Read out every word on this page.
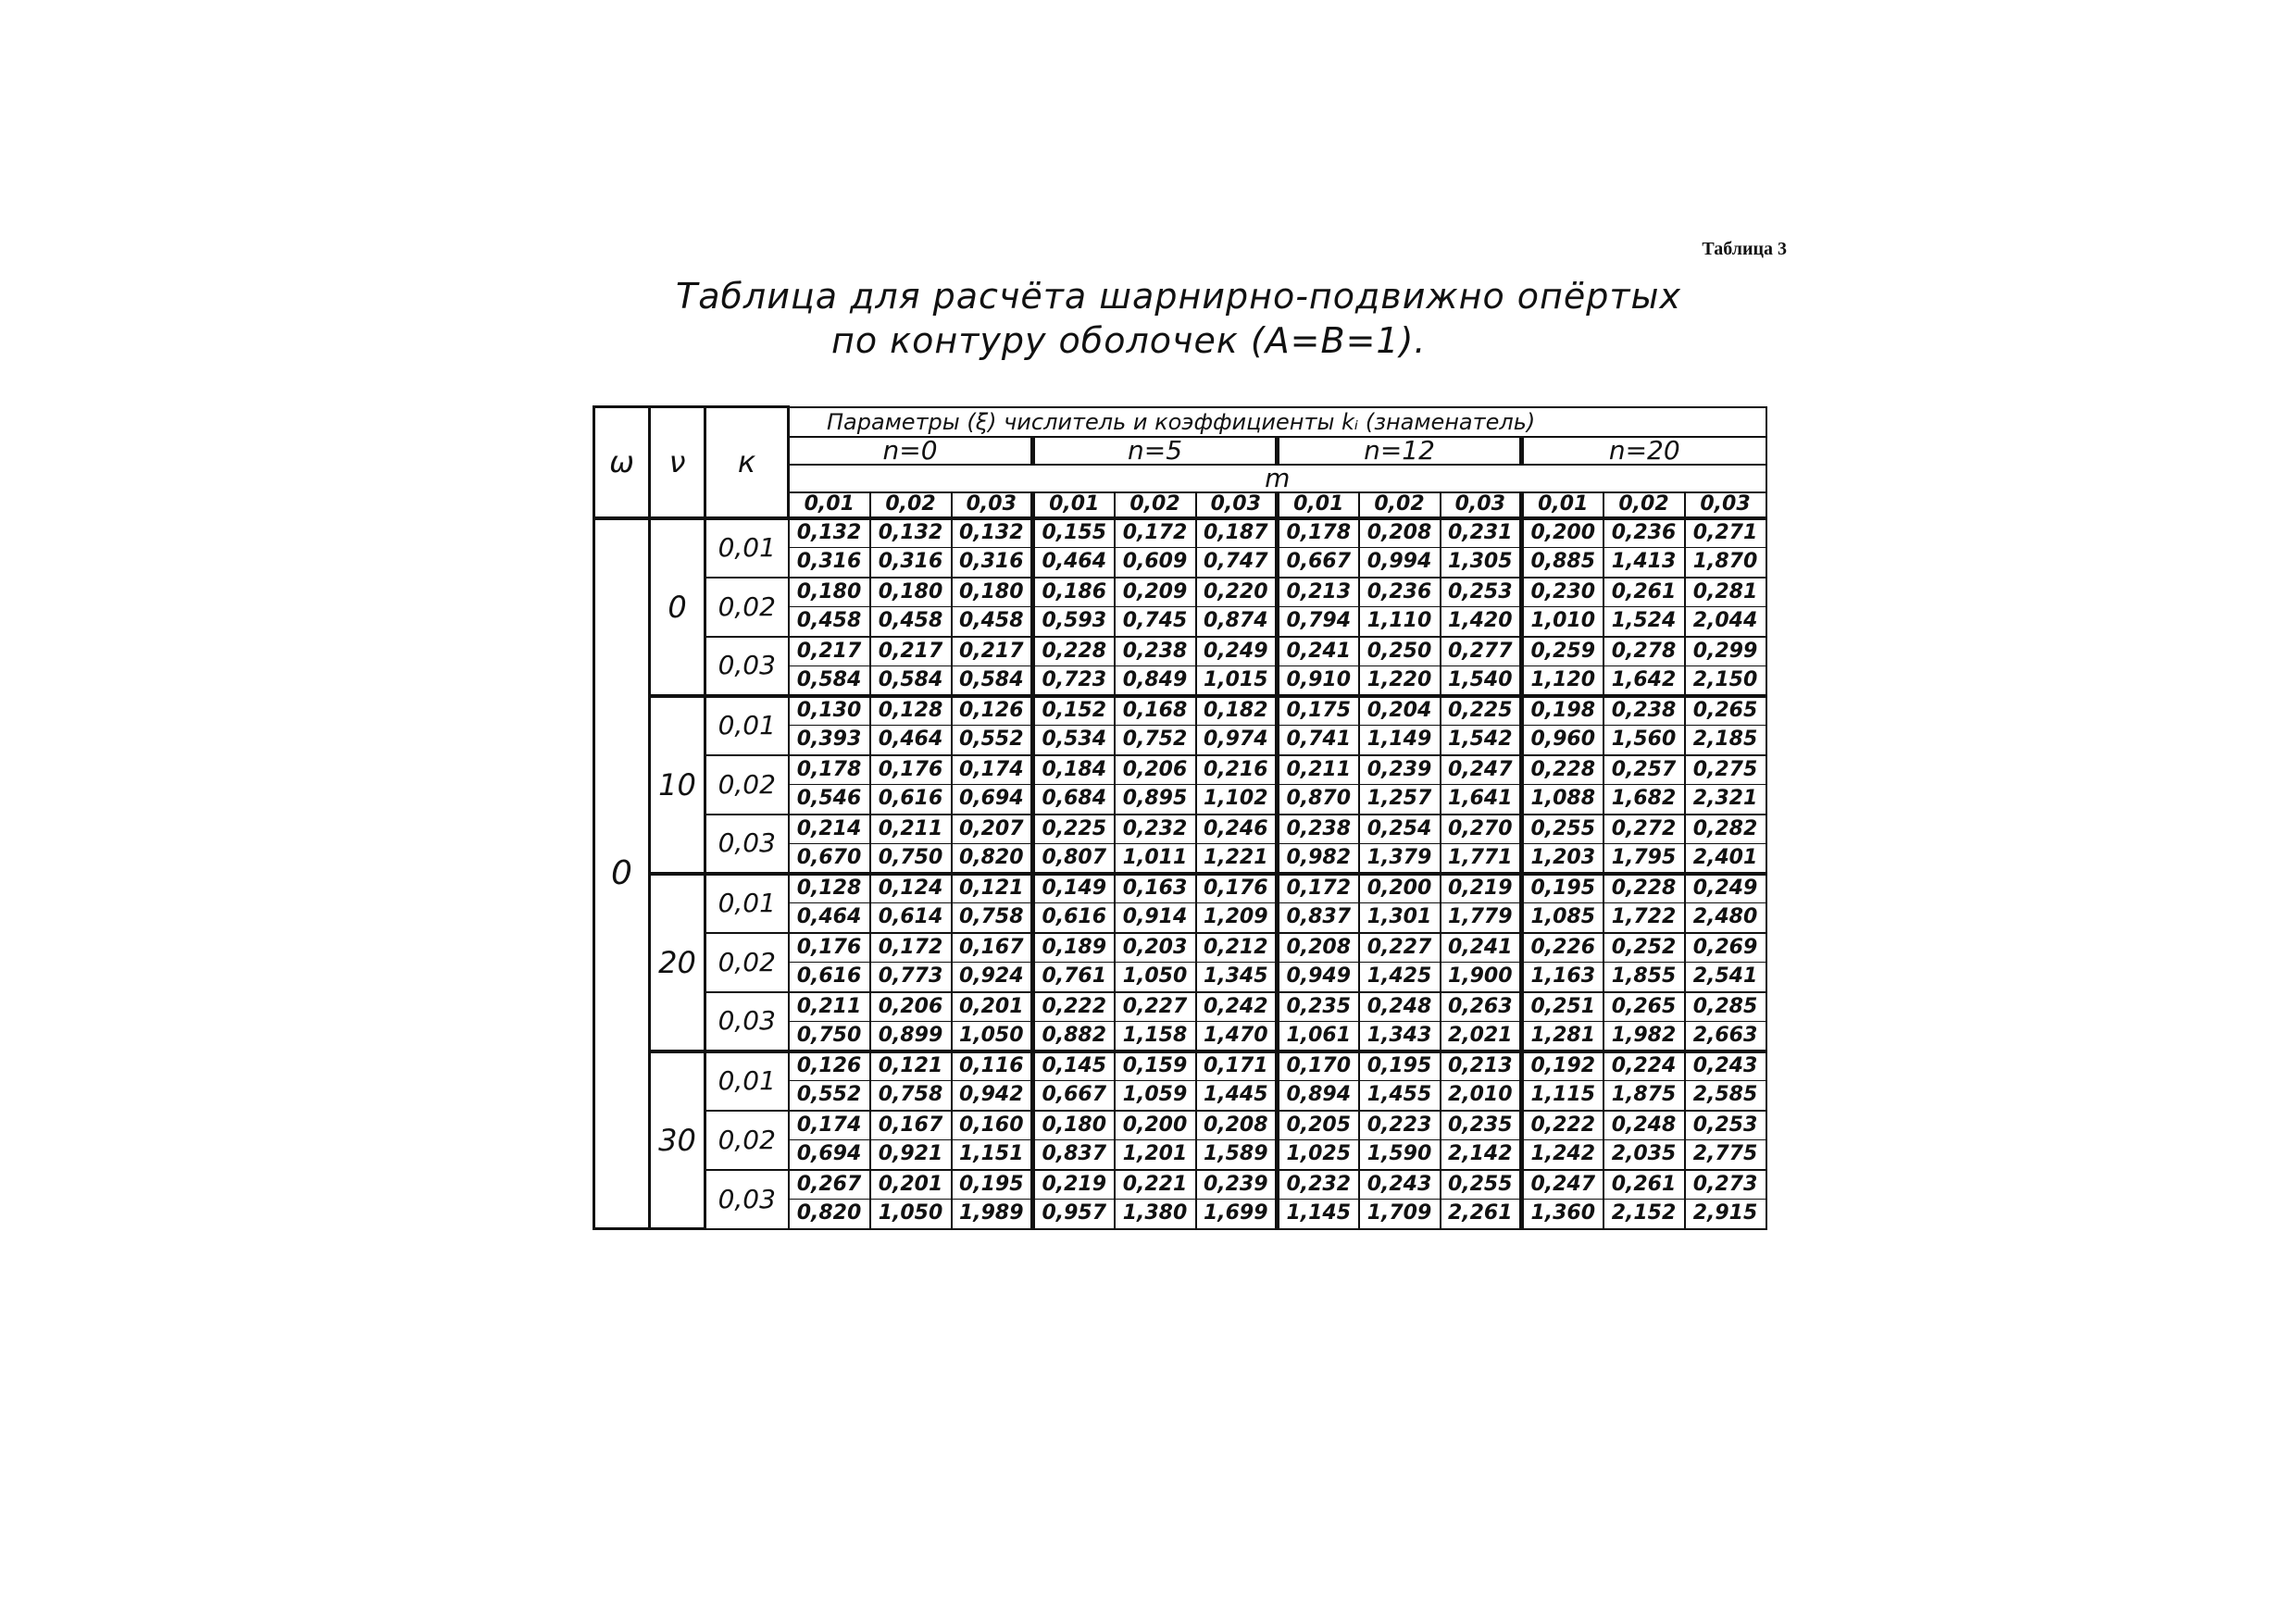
Таблица 3
Таблица для расчёта шарнирно-подвижно опёртых
по контуру оболочек (A=B=1).
ω	ν	к	Параметры (ξ) числитель и коэффициенты kᵢ (знаменатель)											
			n=0			n=5			n=12			n=20		
			m											
			0,01	0,02	0,03	0,01	0,02	0,03	0,01	0,02	0,03	0,01	0,02	0,03
0	0	0,01	0,132	0,132	0,132	0,155	0,172	0,187	0,178	0,208	0,231	0,200	0,236	0,271
			0,316	0,316	0,316	0,464	0,609	0,747	0,667	0,994	1,305	0,885	1,413	1,870
		0,02	0,180	0,180	0,180	0,186	0,209	0,220	0,213	0,236	0,253	0,230	0,261	0,281
			0,458	0,458	0,458	0,593	0,745	0,874	0,794	1,110	1,420	1,010	1,524	2,044
		0,03	0,217	0,217	0,217	0,228	0,238	0,249	0,241	0,250	0,277	0,259	0,278	0,299
			0,584	0,584	0,584	0,723	0,849	1,015	0,910	1,220	1,540	1,120	1,642	2,150
	10	0,01	0,130	0,128	0,126	0,152	0,168	0,182	0,175	0,204	0,225	0,198	0,238	0,265
			0,393	0,464	0,552	0,534	0,752	0,974	0,741	1,149	1,542	0,960	1,560	2,185
		0,02	0,178	0,176	0,174	0,184	0,206	0,216	0,211	0,239	0,247	0,228	0,257	0,275
			0,546	0,616	0,694	0,684	0,895	1,102	0,870	1,257	1,641	1,088	1,682	2,321
		0,03	0,214	0,211	0,207	0,225	0,232	0,246	0,238	0,254	0,270	0,255	0,272	0,282
			0,670	0,750	0,820	0,807	1,011	1,221	0,982	1,379	1,771	1,203	1,795	2,401
	20	0,01	0,128	0,124	0,121	0,149	0,163	0,176	0,172	0,200	0,219	0,195	0,228	0,249
			0,464	0,614	0,758	0,616	0,914	1,209	0,837	1,301	1,779	1,085	1,722	2,480
		0,02	0,176	0,172	0,167	0,189	0,203	0,212	0,208	0,227	0,241	0,226	0,252	0,269
			0,616	0,773	0,924	0,761	1,050	1,345	0,949	1,425	1,900	1,163	1,855	2,541
		0,03	0,211	0,206	0,201	0,222	0,227	0,242	0,235	0,248	0,263	0,251	0,265	0,285
			0,750	0,899	1,050	0,882	1,158	1,470	1,061	1,343	2,021	1,281	1,982	2,663
	30	0,01	0,126	0,121	0,116	0,145	0,159	0,171	0,170	0,195	0,213	0,192	0,224	0,243
			0,552	0,758	0,942	0,667	1,059	1,445	0,894	1,455	2,010	1,115	1,875	2,585
		0,02	0,174	0,167	0,160	0,180	0,200	0,208	0,205	0,223	0,235	0,222	0,248	0,253
			0,694	0,921	1,151	0,837	1,201	1,589	1,025	1,590	2,142	1,242	2,035	2,775
		0,03	0,267	0,201	0,195	0,219	0,221	0,239	0,232	0,243	0,255	0,247	0,261	0,273
			0,820	1,050	1,989	0,957	1,380	1,699	1,145	1,709	2,261	1,360	2,152	2,915
